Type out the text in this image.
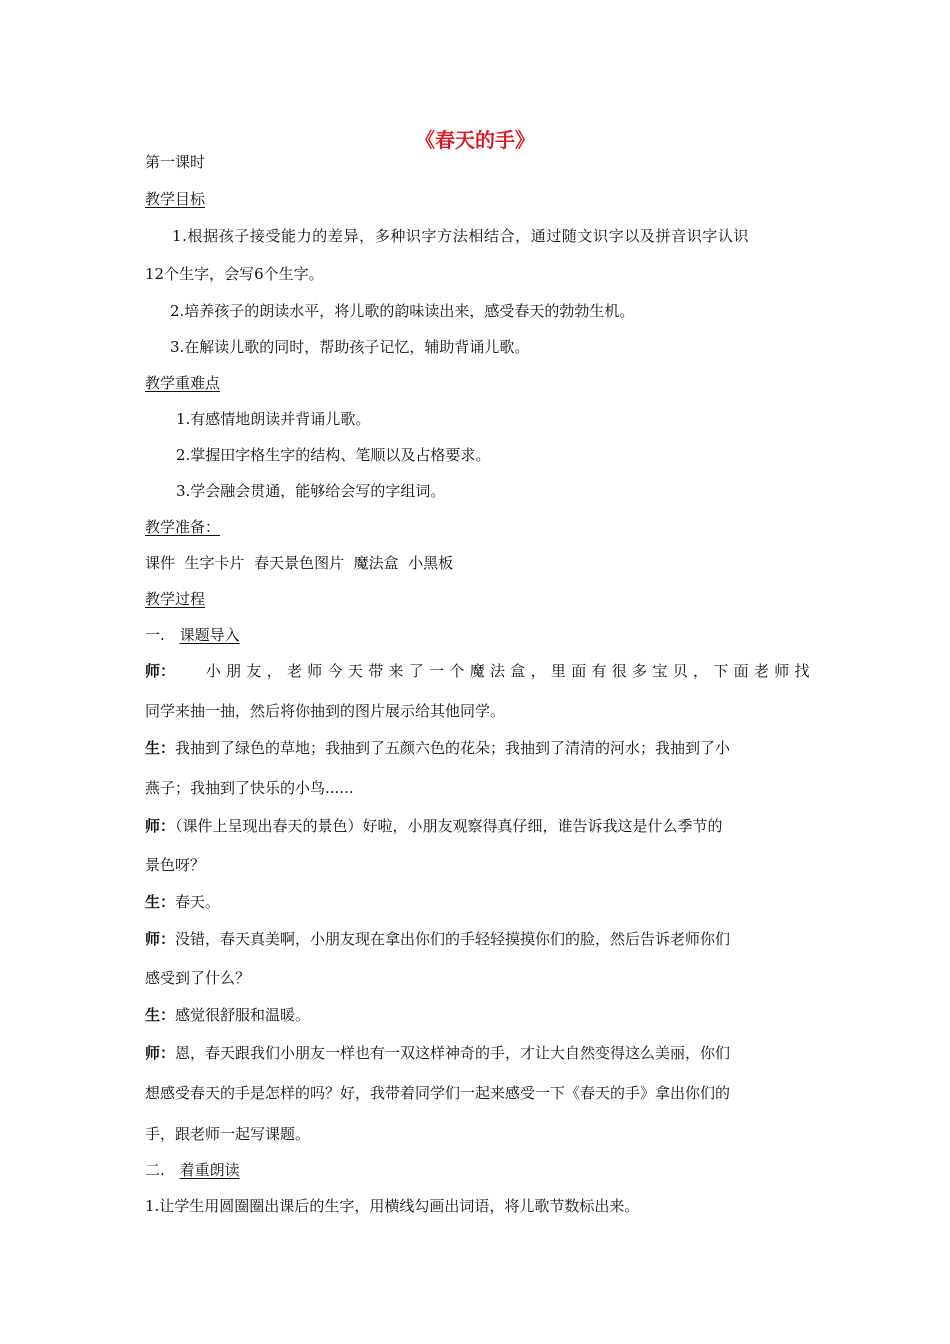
《春天的手》
第一课时
教学目标
1.根据孩子接受能力的差异，多种识字方法相结合，通过随文识字以及拼音识字认识
12个生字，会写6个生字。
2.培养孩子的朗读水平，将儿歌的韵味读出来，感受春天的勃勃生机。
3.在解读儿歌的同时，帮助孩子记忆，辅助背诵儿歌。
教学重难点
1.有感情地朗读并背诵儿歌。
2.掌握田字格生字的结构、笔顺以及占格要求。
3.学会融会贯通，能够给会写的字组词。
教学准备：
课件  生字卡片  春天景色图片  魔法盒  小黑板
教学过程
一. 课题导入
师： 小朋友，老师今天带来了一个魔法盒，里面有很多宝贝，下面老师找
同学来抽一抽，然后将你抽到的图片展示给其他同学。
生：我抽到了绿色的草地；我抽到了五颜六色的花朵；我抽到了清清的河水；我抽到了小
燕子；我抽到了快乐的小鸟......
师：（课件上呈现出春天的景色）好啦，小朋友观察得真仔细，谁告诉我这是什么季节的
景色呀？
生：春天。
师：没错，春天真美啊，小朋友现在拿出你们的手轻轻摸摸你们的脸，然后告诉老师你们
感受到了什么？
生：感觉很舒服和温暖。
师：恩，春天跟我们小朋友一样也有一双这样神奇的手，才让大自然变得这么美丽，你们
想感受春天的手是怎样的吗？好，我带着同学们一起来感受一下《春天的手》拿出你们的
手，跟老师一起写课题。
二. 着重朗读
1.让学生用圆圈圈出课后的生字，用横线勾画出词语，将儿歌节数标出来。
